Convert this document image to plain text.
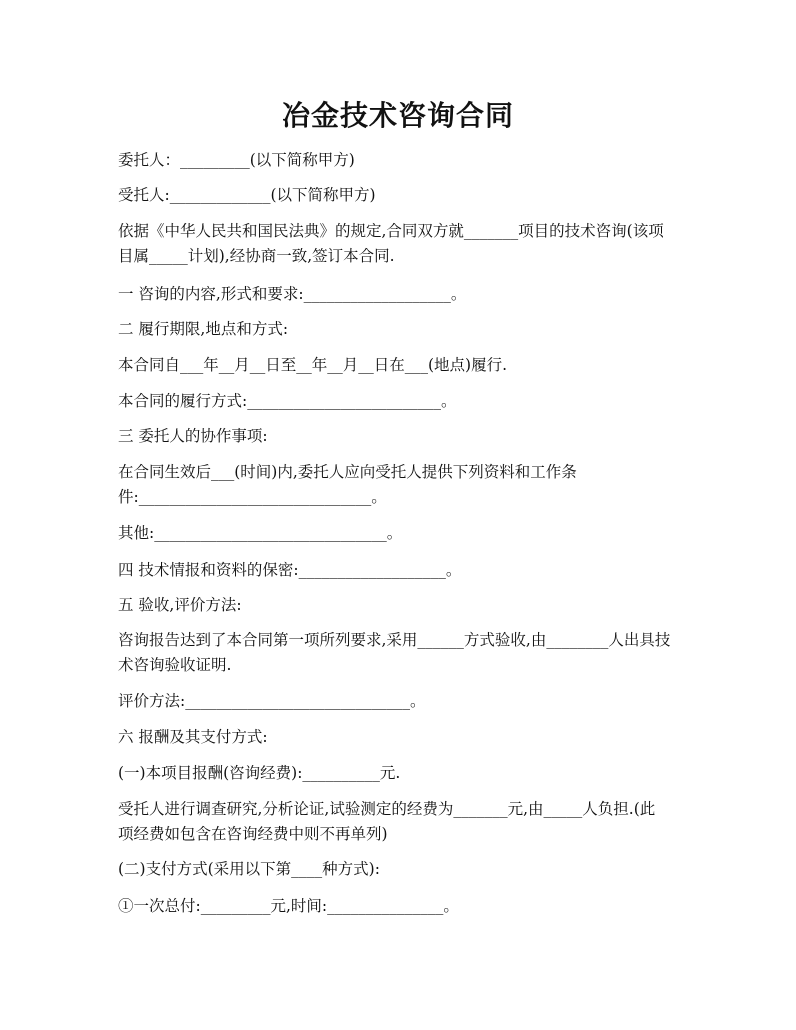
冶金技术咨询合同
委托人：_________(以下简称甲方)
受托人:_____________(以下简称甲方)
依据《中华人民共和国民法典》的规定,合同双方就_______项目的技术咨询(该项
目属_____计划),经协商一致,签订本合同.
一 咨询的内容,形式和要求:___________________。
二 履行期限,地点和方式:
本合同自___年__月__日至__年__月__日在___(地点)履行.
本合同的履行方式:_________________________。
三 委托人的协作事项:
在合同生效后___(时间)内,委托人应向受托人提供下列资料和工作条
件:______________________________。
其他:______________________________。
四 技术情报和资料的保密:___________________。
五 验收,评价方法:
咨询报告达到了本合同第一项所列要求,采用______方式验收,由________人出具技
术咨询验收证明.
评价方法:_____________________________。
六 报酬及其支付方式:
(一)本项目报酬(咨询经费):__________元.
受托人进行调查研究,分析论证,试验测定的经费为_______元,由_____人负担.(此
项经费如包含在咨询经费中则不再单列)
(二)支付方式(采用以下第____种方式):
①一次总付:_________元,时间:_______________。
